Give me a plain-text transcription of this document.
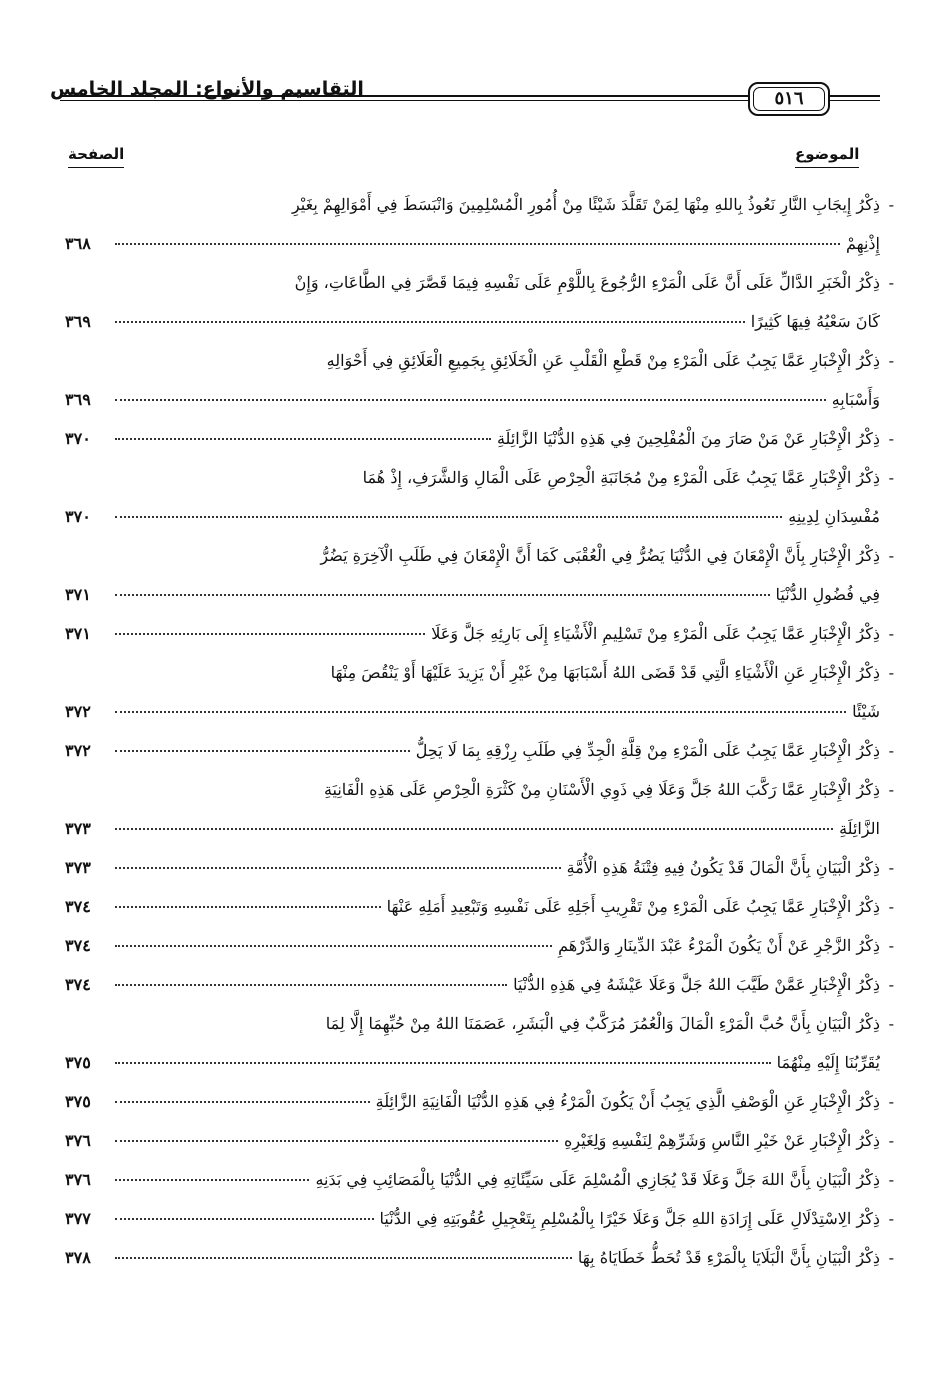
التقاسيم والأنواع: المجلد الخامس	٥١٦
الموضوع
الصفحة
-
ذِكْرُ إِيجَابِ النَّارِ نَعُوذُ بِاللهِ مِنْهَا لِمَنْ تَقَلَّدَ شَيْئًا مِنْ أُمُورِ الْمُسْلِمِينَ وَانْبَسَطَ فِي أَمْوَالِهِمْ بِغَيْرِ
إِذْنِهِمْ
٣٦٨
-
ذِكْرُ الْخَبَرِ الدَّالِّ عَلَى أَنَّ عَلَى الْمَرْءِ الرُّجُوعَ بِاللَّوْمِ عَلَى نَفْسِهِ فِيمَا قَصَّرَ فِي الطَّاعَاتِ، وَإِنْ
كَانَ سَعْيُهُ فِيهَا كَثِيرًا
٣٦٩
-
ذِكْرُ الْإِخْبَارِ عَمَّا يَجِبُ عَلَى الْمَرْءِ مِنْ قَطْعِ الْقَلْبِ عَنِ الْخَلَائِقِ بِجَمِيعِ الْعَلَائِقِ فِي أَحْوَالِهِ
وَأَسْبَابِهِ
٣٦٩
-
ذِكْرُ الْإِخْبَارِ عَنْ مَنْ صَارَ مِنَ الْمُفْلِحِينَ فِي هَذِهِ الدُّنْيَا الزَّائِلَةِ
٣٧٠
-
ذِكْرُ الْإِخْبَارِ عَمَّا يَجِبُ عَلَى الْمَرْءِ مِنْ مُجَانَبَةِ الْحِرْصِ عَلَى الْمَالِ وَالشَّرَفِ، إِذْ هُمَا
مُفْسِدَانِ لِدِينِهِ
٣٧٠
-
ذِكْرُ الْإِخْبَارِ بِأَنَّ الْإِمْعَانَ فِي الدُّنْيَا يَضُرُّ فِي الْعُقْبَى كَمَا أَنَّ الْإِمْعَانَ فِي طَلَبِ الْآخِرَةِ يَضُرُّ
فِي فُضُولِ الدُّنْيَا
٣٧١
-
ذِكْرُ الْإِخْبَارِ عَمَّا يَجِبُ عَلَى الْمَرْءِ مِنْ تَسْلِيمِ الْأَشْيَاءِ إِلَى بَارِئِهِ جَلَّ وَعَلَا
٣٧١
-
ذِكْرُ الْإِخْبَارِ عَنِ الْأَشْيَاءِ الَّتِي قَدْ قَضَى اللهُ أَسْبَابَهَا مِنْ غَيْرِ أَنْ يَزِيدَ عَلَيْهَا أَوْ يَنْقُصَ مِنْهَا
شَيْئًا
٣٧٢
-
ذِكْرُ الْإِخْبَارِ عَمَّا يَجِبُ عَلَى الْمَرْءِ مِنْ قِلَّةِ الْجِدِّ فِي طَلَبِ رِزْقِهِ بِمَا لَا يَحِلُّ
٣٧٢
-
ذِكْرُ الْإِخْبَارِ عَمَّا رَكَّبَ اللهُ جَلَّ وَعَلَا فِي ذَوِي الْأَسْنَانِ مِنْ كَثْرَةِ الْحِرْصِ عَلَى هَذِهِ الْفَانِيَةِ
الزَّائِلَةِ
٣٧٣
-
ذِكْرُ الْبَيَانِ بِأَنَّ الْمَالَ قَدْ يَكُونُ فِيهِ فِتْنَةُ هَذِهِ الْأُمَّةِ
٣٧٣
-
ذِكْرُ الْإِخْبَارِ عَمَّا يَجِبُ عَلَى الْمَرْءِ مِنْ تَقْرِيبِ أَجَلِهِ عَلَى نَفْسِهِ وَتَبْعِيدِ أَمَلِهِ عَنْهَا
٣٧٤
-
ذِكْرُ الزَّجْرِ عَنْ أَنْ يَكُونَ الْمَرْءُ عَبْدَ الدِّينَارِ وَالدِّرْهَمِ
٣٧٤
-
ذِكْرُ الْإِخْبَارِ عَمَّنْ طَيَّبَ اللهُ جَلَّ وَعَلَا عَيْشَهُ فِي هَذِهِ الدُّنْيَا
٣٧٤
-
ذِكْرُ الْبَيَانِ بِأَنَّ حُبَّ الْمَرْءِ الْمَالَ وَالْعُمُرَ مُرَكَّبٌ فِي الْبَشَرِ، عَصَمَنَا اللهُ مِنْ حُبِّهِمَا إِلَّا لِمَا
يُقَرِّبُنَا إِلَيْهِ مِنْهُمَا
٣٧٥
-
ذِكْرُ الْإِخْبَارِ عَنِ الْوَصْفِ الَّذِي يَجِبُ أَنْ يَكُونَ الْمَرْءُ فِي هَذِهِ الدُّنْيَا الْفَانِيَةِ الزَّائِلَةِ
٣٧٥
-
ذِكْرُ الْإِخْبَارِ عَنْ خَيْرِ النَّاسِ وَشَرِّهِمْ لِنَفْسِهِ وَلِغَيْرِهِ
٣٧٦
-
ذِكْرُ الْبَيَانِ بِأَنَّ اللهَ جَلَّ وَعَلَا قَدْ يُجَازِي الْمُسْلِمَ عَلَى سَيِّئَاتِهِ فِي الدُّنْيَا بِالْمَصَائِبِ فِي بَدَنِهِ
٣٧٦
-
ذِكْرُ الِاسْتِدْلَالِ عَلَى إِرَادَةِ اللهِ جَلَّ وَعَلَا خَيْرًا بِالْمُسْلِمِ بِتَعْجِيلِ عُقُوبَتِهِ فِي الدُّنْيَا
٣٧٧
-
ذِكْرُ الْبَيَانِ بِأَنَّ الْبَلَايَا بِالْمَرْءِ قَدْ تُحَطُّ خَطَايَاهُ بِهَا
٣٧٨
